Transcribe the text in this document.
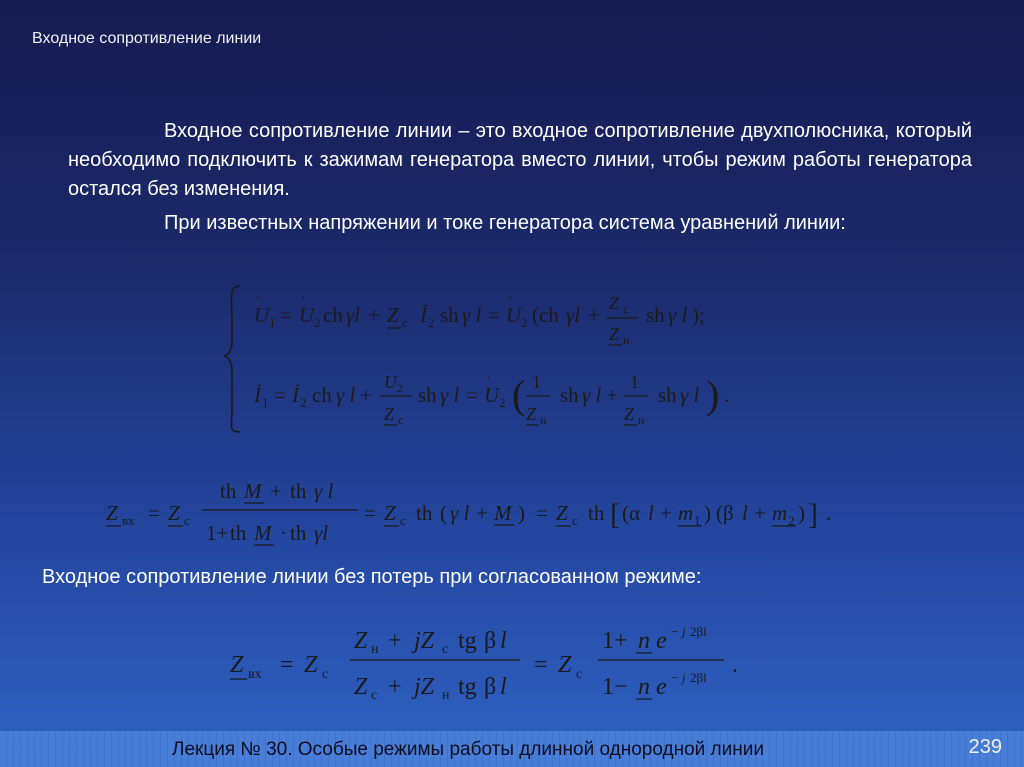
Входное сопротивление линии
Входное сопротивление линии – это входное сопротивление двухполюсника, который необходимо подключить к зажимам генератора вместо линии, чтобы режим работы генератора остался без изменения.
При известных напряжении и токе генератора система уравнений линии:
U
·
1 = U
·
2 ch γl + Z c İ 2 sh γ l = U
·
2 (ch γl + Z c
Z н
sh γ l );
İ 1 = İ 2 ch γ l +
U
·
2
Z c
sh γ l = U
·
2 ( 1
Z н
sh γ l +
1
Z н
sh γ l ) .
Z вх = Z c
th M + th γ l
1+ th M · th γl
= Z c th ( γ l + M ) = Z c th [ (α l + m 1 ) (β l + m 2 ) ] .
Входное сопротивление линии без потерь при согласованном режиме:
Z вх = Z c
Z н + jZ c tg β l
Z c + jZ н tg β l
= Z c
1+ n e − j 2βl
1− n e − j 2βl .
Лекция № 30. Особые режимы работы длинной однородной линии	239
